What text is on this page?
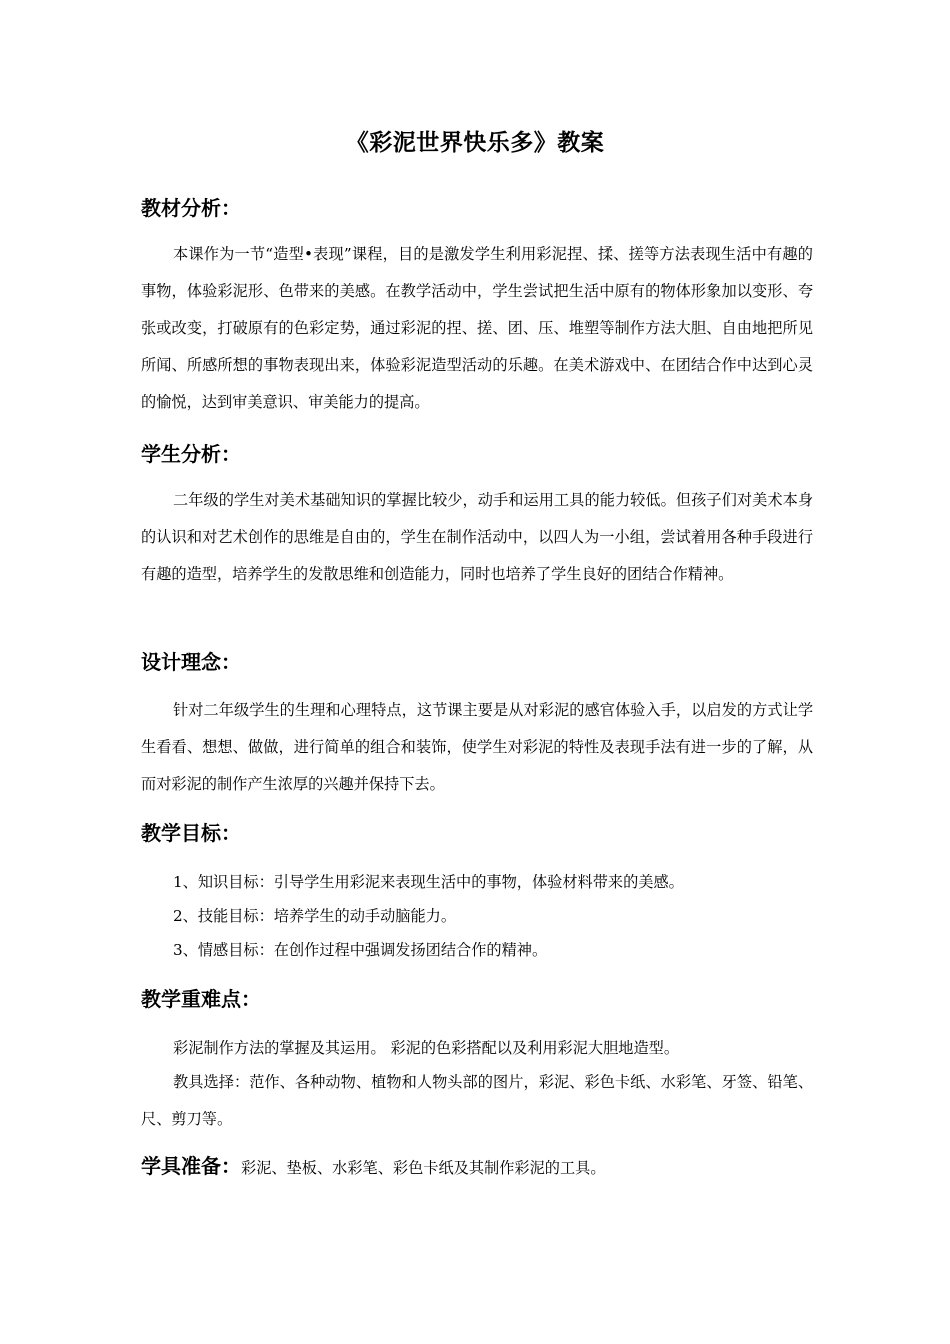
《彩泥世界快乐多》教案
教材分析：
本课作为一节“造型•表现”课程，目的是激发学生利用彩泥捏、揉、搓等方法表现生活中有趣的事物，体验彩泥形、色带来的美感。在教学活动中，学生尝试把生活中原有的物体形象加以变形、夸张或改变，打破原有的色彩定势，通过彩泥的捏、搓、团、压、堆塑等制作方法大胆、自由地把所见所闻、所感所想的事物表现出来，体验彩泥造型活动的乐趣。在美术游戏中、在团结合作中达到心灵的愉悦，达到审美意识、审美能力的提高。
学生分析：
二年级的学生对美术基础知识的掌握比较少，动手和运用工具的能力较低。但孩子们对美术本身的认识和对艺术创作的思维是自由的，学生在制作活动中，以四人为一小组，尝试着用各种手段进行有趣的造型，培养学生的发散思维和创造能力，同时也培养了学生良好的团结合作精神。
设计理念：
针对二年级学生的生理和心理特点，这节课主要是从对彩泥的感官体验入手，以启发的方式让学生看看、想想、做做，进行简单的组合和装饰，使学生对彩泥的特性及表现手法有进一步的了解，从而对彩泥的制作产生浓厚的兴趣并保持下去。
教学目标：
1、知识目标：引导学生用彩泥来表现生活中的事物，体验材料带来的美感。
2、技能目标：培养学生的动手动脑能力。
3、情感目标：在创作过程中强调发扬团结合作的精神。
教学重难点：
彩泥制作方法的掌握及其运用。 彩泥的色彩搭配以及利用彩泥大胆地造型。
教具选择：范作、各种动物、植物和人物头部的图片，彩泥、彩色卡纸、水彩笔、牙签、铅笔、尺、剪刀等。
学具准备：彩泥、垫板、水彩笔、彩色卡纸及其制作彩泥的工具。
